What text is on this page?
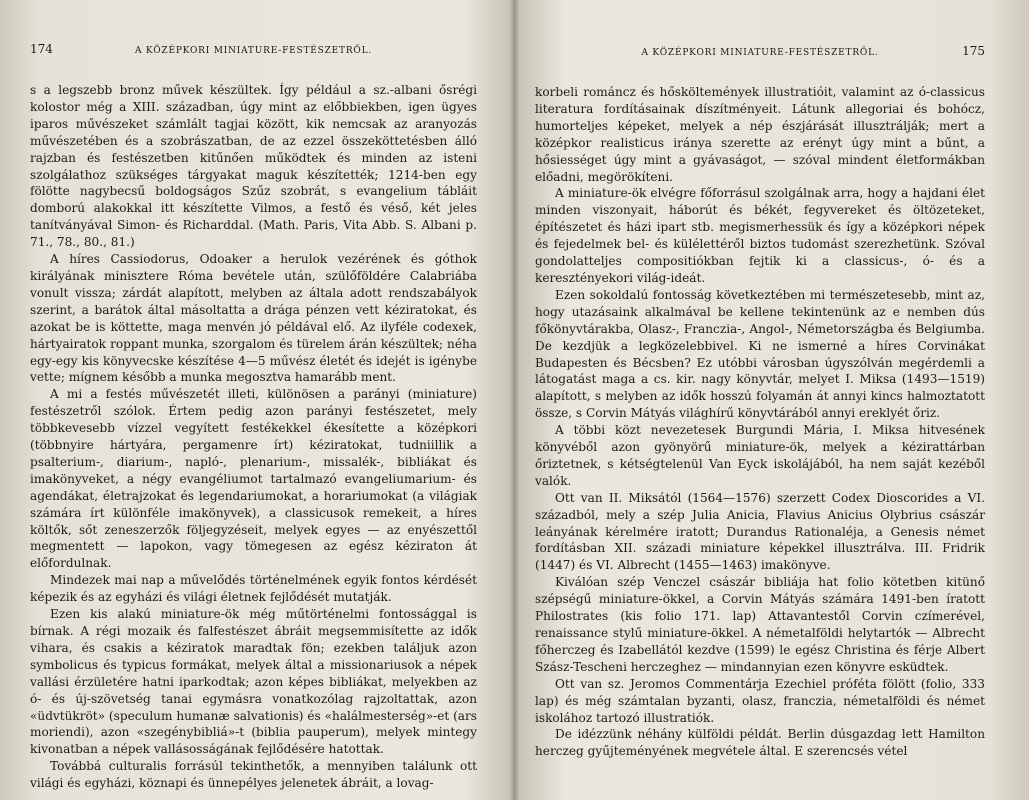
174	A KÖZÉPKORI MINIATURE-FESTÉSZETRŐL.

s a legszebb bronz művek készültek. Így például a sz.-albani ősrégi kolostor még a XIII. században, úgy mint az előbbiekben, igen ügyes iparos művészeket számlált tagjai között, kik nemcsak az aranyozás művészetében és a szobrászatban, de az ezzel összeköttetésben álló rajzban és festészetben kitűnően működtek és minden az isteni szolgálathoz szükséges tárgyakat maguk készítették; 1214-ben egy fölötte nagybecsű boldogságos Szűz szobrát, s evangelium tábláit domború alakokkal itt készítette Vilmos, a festő és véső, két jeles tanítványával Simon- és Richarddal. (Math. Paris, Vita Abb. S. Albani p. 71., 78., 80., 81.)

A híres Cassiodorus, Odoaker a herulok vezérének és góthok királyának minisztere Róma bevétele után, szülőföldére Calabriába vonult vissza; zárdát alapított, melyben az általa adott rendszabályok szerint, a barátok által másoltatta a drága pénzen vett kéziratokat, és azokat be is köttette, maga menvén jó példával elő. Az ilyféle codexek, hártyairatok roppant munka, szorgalom és türelem árán készültek; néha egy-egy kis könyvecske készítése 4—5 művész életét és idejét is igénybe vette; mígnem később a munka megosztva hamarább ment.

A mi a festés művészetét illeti, különösen a parányi (miniature) festészetről szólok. Értem pedig azon parányi festészetet, mely többkevesebb vízzel vegyített festékekkel ékesítette a középkori (többnyire hártyára, pergamenre írt) kéziratokat, tudniillik a psalterium-, diarium-, napló-, plenarium-, missalék-, bibliákat és imakönyveket, a négy evangéliumot tartalmazó evangeliumarium- és agendákat, életrajzokat és legendariumokat, a horariumokat (a világiak számára írt különféle imakönyvek), a classicusok remekeit, a híres költők, sőt zeneszerzők följegyzéseit, melyek egyes — az enyészettől megmentett — lapokon, vagy tömegesen az egész kéziraton át előfordulnak.

Mindezek mai nap a művelődés történelmének egyik fontos kérdését képezik és az egyházi és világi életnek fejlődését mutatják.

Ezen kis alakú miniature-ök még műtörténelmi fontossággal is bírnak. A régi mozaik és falfestészet ábráit megsemmisítette az idők vihara, és csakis a kéziratok maradtak fön; ezekben találjuk azon symbolicus és typicus formákat, melyek által a missionariusok a népek vallási érzületére hatni iparkodtak; azon képes bibliákat, melyekben az ó- és új-szövetség tanai egymásra vonatkozólag rajzoltattak, azon «üdvtükröt» (speculum humanæ salvationis) és «halálmesterség»-et (ars moriendi), azon «szegénybibliá»-t (biblia pauperum), melyek mintegy kivonatban a népek vallásosságának fejlődésére hatottak.

Továbbá culturalis forrásúl tekinthetők, a mennyiben találunk ott világi és egyházi, köznapi és ünnepélyes jelenetek ábráit, a lovag-

A KÖZÉPKORI MINIATURE-FESTÉSZETRŐL.	175

korbeli románcz és hősköltemények illustratióit, valamint az ó-classicus literatura fordításainak díszítményeit. Látunk allegoriai és bohócz, humorteljes képeket, melyek a nép észjárását illusztrálják; mert a középkor realisticus iránya szerette az erényt úgy mint a bűnt, a hősiességet úgy mint a gyávaságot, — szóval mindent életformákban előadni, megörökíteni.

A miniature-ök elvégre főforrásul szolgálnak arra, hogy a hajdani élet minden viszonyait, háborút és békét, fegyvereket és öltözeteket, építészetet és házi ipart stb. megismerhessük és így a középkori népek és fejedelmek bel- és külélettéről biztos tudomást szerezhetünk. Szóval gondolatteljes compositiókban fejtik ki a classicus-, ó- és a keresztényekori világ-ideát.

Ezen sokoldalú fontosság következtében mi természetesebb, mint az, hogy utazásaink alkalmával be kellene tekintenünk az e nemben dús főkönyvtárakba, Olasz-, Franczia-, Angol-, Németországba és Belgiumba. De kezdjük a legközelebbivel. Ki ne ismerné a híres Corvinákat Budapesten és Bécsben? Ez utóbbi városban úgyszólván megérdemli a látogatást maga a cs. kir. nagy könyvtár, melyet I. Miksa (1493—1519) alapított, s melyben az idők hosszú folyamán át annyi kincs halmoztatott össze, s Corvin Mátyás világhírű könyvtárából annyi ereklyét őriz.

A többi közt nevezetesek Burgundi Mária, I. Miksa hitvesének könyvéből azon gyönyörű miniature-ök, melyek a kézirattárban őriztetnek, s kétségtelenül Van Eyck iskolájából, ha nem saját kezéből valók.

Ott van II. Miksától (1564—1576) szerzett Codex Dioscorides a VI. századból, mely a szép Julia Anicia, Flavius Anicius Olybrius császár leányának kérelmére iratott; Durandus Rationaléja, a Genesis német fordításban XII. századi miniature képekkel illusztrálva. III. Fridrik (1447) és VI. Albrecht (1455—1463) imakönyve.

Kiválóan szép Venczel császár bibliája hat folio kötetben kitünő szépségű miniature-ökkel, a Corvin Mátyás számára 1491-ben íratott Philostrates (kis folio 171. lap) Attavantestől Corvin czímerével, renaissance stylű miniature-ökkel. A németalföldi helytartók — Albrecht főherczeg és Izabellától kezdve (1599) le egész Christina és férje Albert Szász-Tescheni herczeghez — mindannyian ezen könyvre esküdtek.

Ott van sz. Jeromos Commentárja Ezechiel próféta fölött (folio, 333 lap) és még számtalan byzanti, olasz, franczia, németalföldi és német iskolához tartozó illustratiók.

De idézzünk néhány külföldi példát. Berlin dúsgazdag lett Hamilton herczeg gyűjteményének megvétele által. E szerencsés vétel
